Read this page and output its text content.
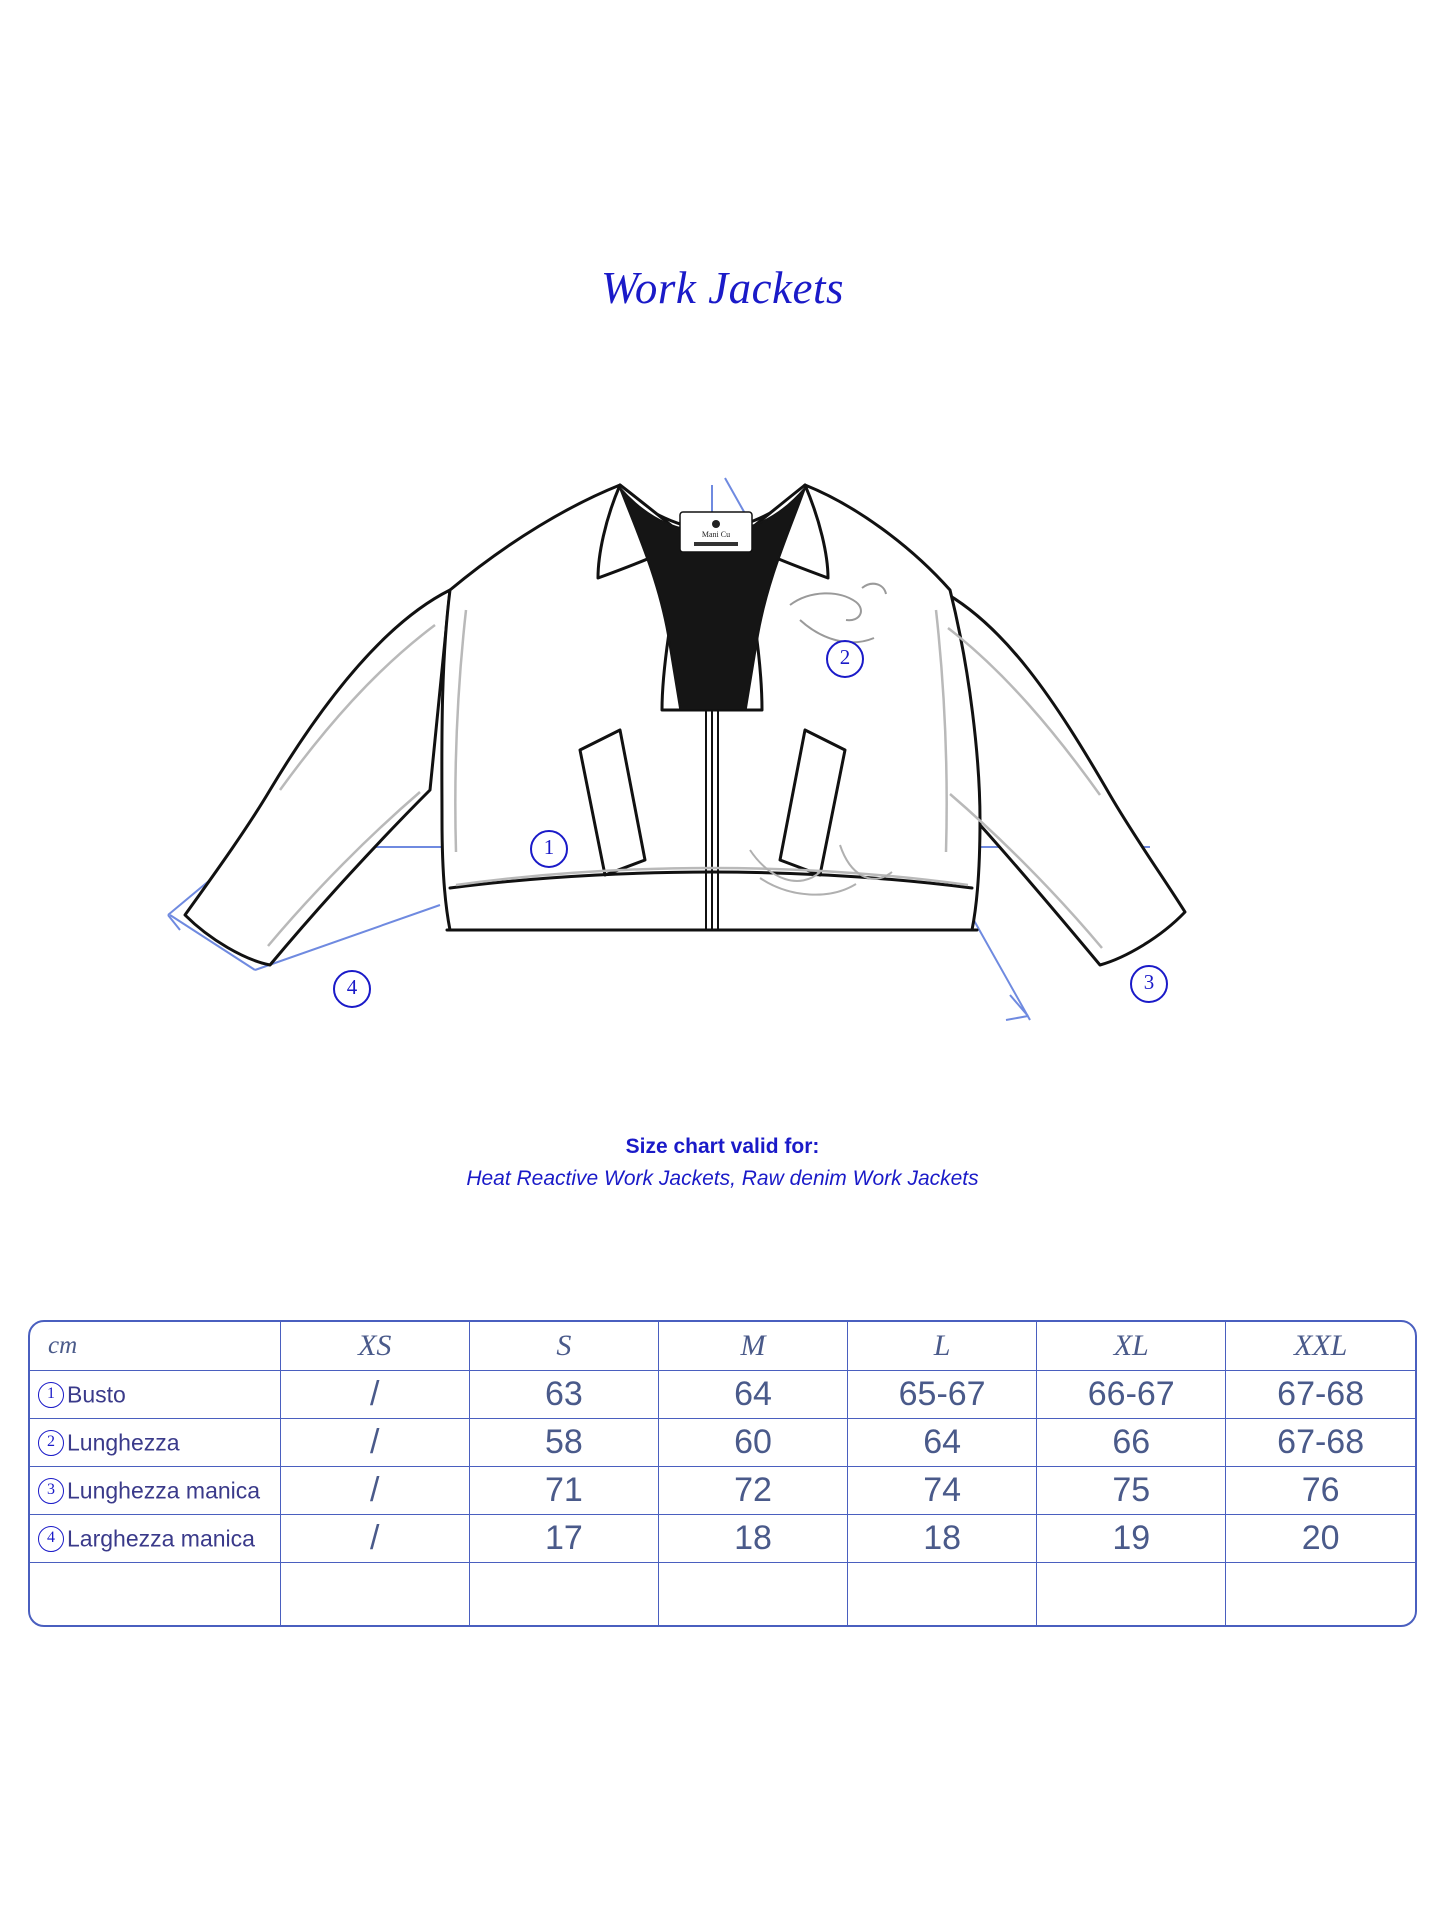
Work Jackets
Mani Cu
1
2
3
4
Size chart valid for:
Heat Reactive Work Jackets, Raw denim Work Jackets
cm	XS	S	M	L	XL	XXL
1 Busto	/	63	64	65-67	66-67	67-68
2 Lunghezza	/	58	60	64	66	67-68
3 Lunghezza manica	/	71	72	74	75	76
4 Larghezza manica	/	17	18	18	19	20
